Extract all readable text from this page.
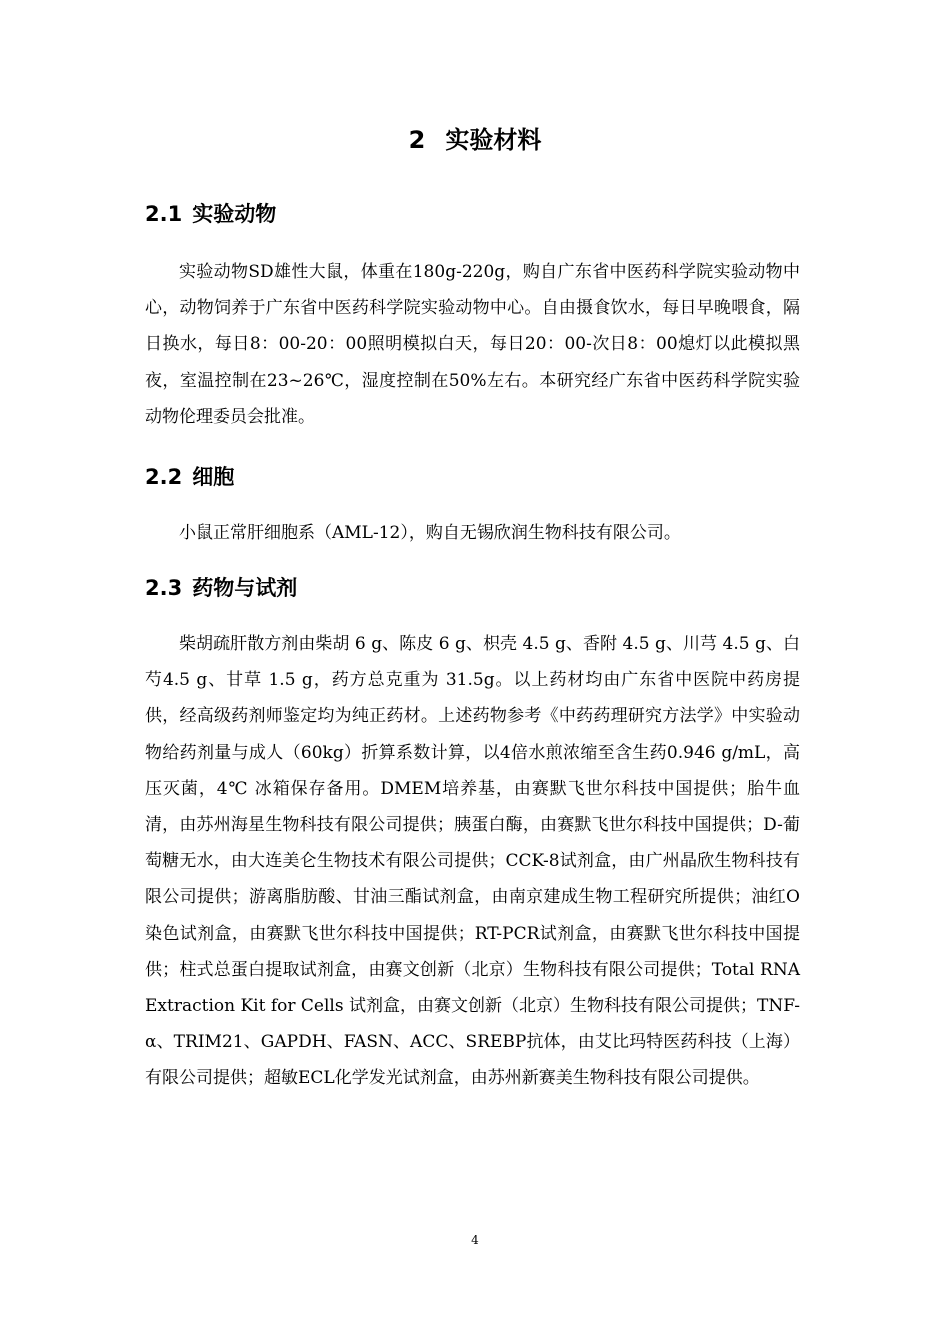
2 实验材料
2.1 实验动物

实验动物SD雄性大鼠，体重在180g-220g，购自广东省中医药科学院实验动物中心，动物饲养于广东省中医药科学院实验动物中心。自由摄食饮水，每日早晚喂食，隔日换水，每日8：00-20：00照明模拟白天，每日20：00-次日8：00熄灯以此模拟黑夜，室温控制在23~26℃，湿度控制在50%左右。本研究经广东省中医药科学院实验动物伦理委员会批准。

2.2 细胞

小鼠正常肝细胞系（AML-12），购自无锡欣润生物科技有限公司。

2.3 药物与试剂

柴胡疏肝散方剂由柴胡 6 g、陈皮 6 g、枳壳 4.5 g、香附 4.5 g、川芎 4.5 g、白芍4.5 g、甘草 1.5 g，药方总克重为 31.5g。以上药材均由广东省中医院中药房提供，经高级药剂师鉴定均为纯正药材。上述药物参考《中药药理研究方法学》中实验动物给药剂量与成人（60kg）折算系数计算，以4倍水煎浓缩至含生药0.946 g/mL，高压灭菌，4℃ 冰箱保存备用。DMEM培养基，由赛默飞世尔科技中国提供；胎牛血清，由苏州海星生物科技有限公司提供；胰蛋白酶，由赛默飞世尔科技中国提供；D-葡萄糖无水，由大连美仑生物技术有限公司提供；CCK-8试剂盒，由广州晶欣生物科技有限公司提供；游离脂肪酸、甘油三酯试剂盒，由南京建成生物工程研究所提供；油红O染色试剂盒，由赛默飞世尔科技中国提供；RT-PCR试剂盒，由赛默飞世尔科技中国提供；柱式总蛋白提取试剂盒，由赛文创新（北京）生物科技有限公司提供；Total RNA Extraction Kit for Cells 试剂盒，由赛文创新（北京）生物科技有限公司提供；TNF-α、TRIM21、GAPDH、FASN、ACC、SREBP抗体，由艾比玛特医药科技（上海）有限公司提供；超敏ECL化学发光试剂盒，由苏州新赛美生物科技有限公司提供。

4
